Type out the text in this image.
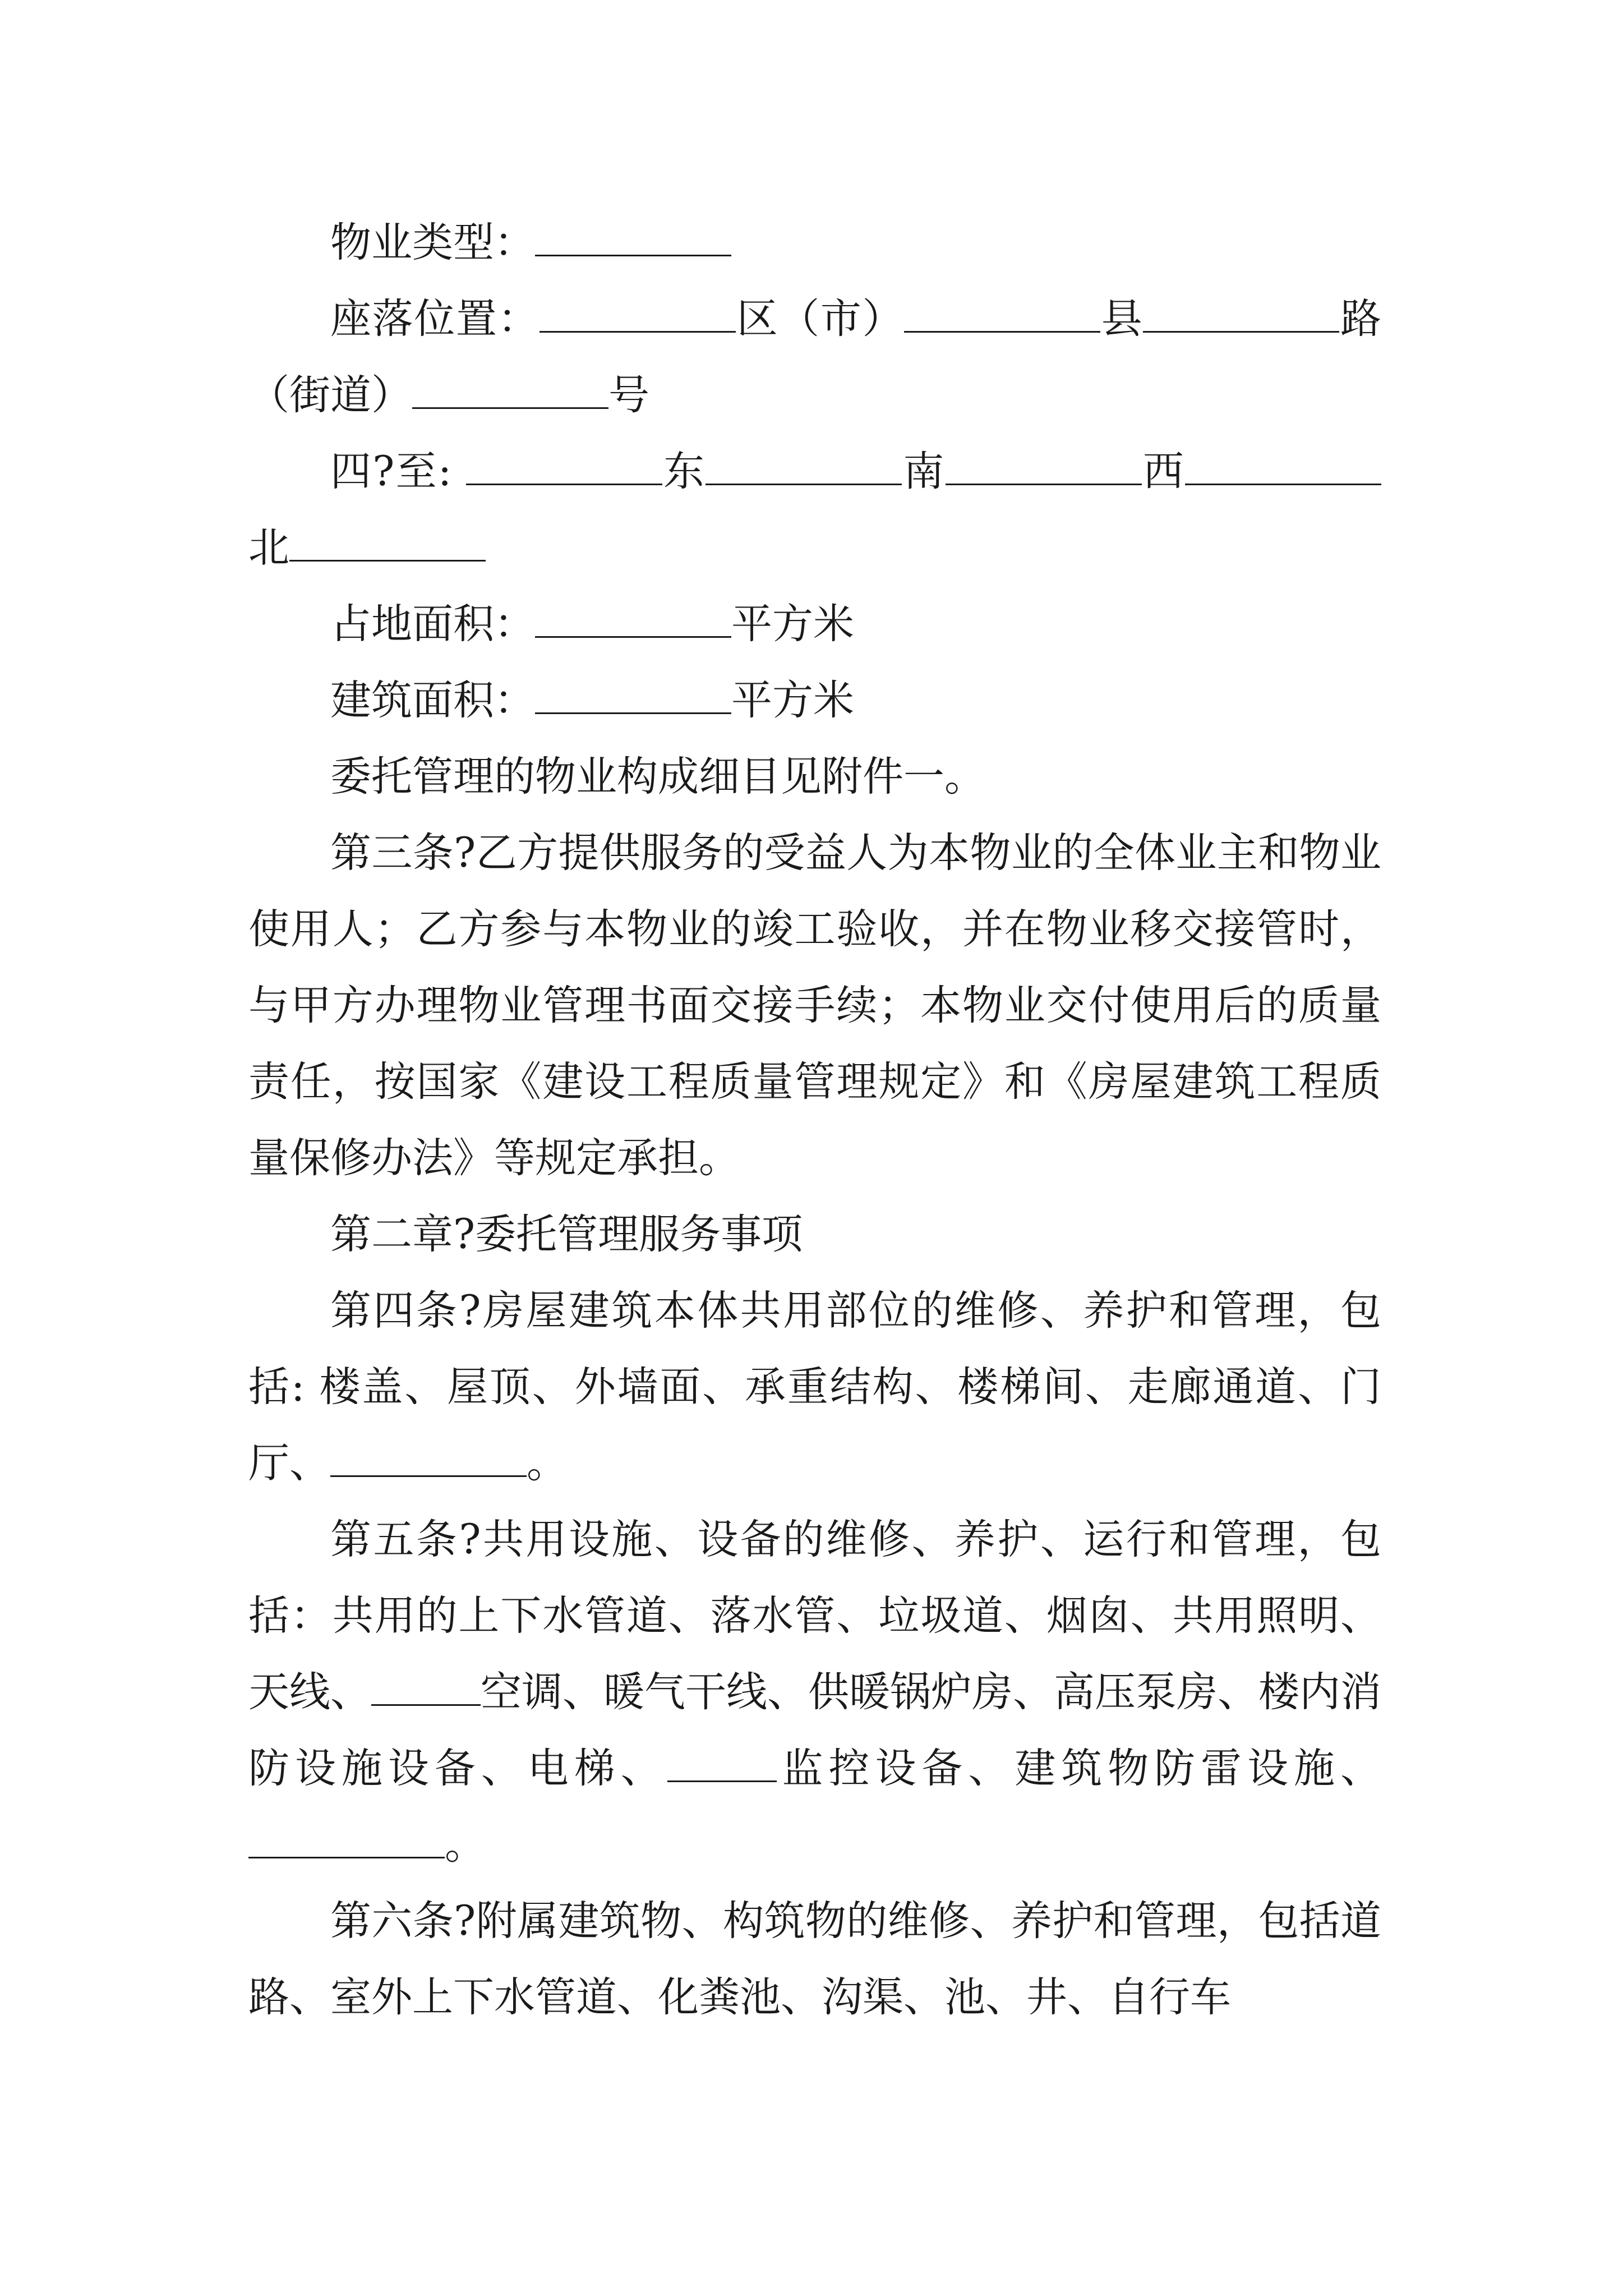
物业类型：

座落位置：	区（市）	县	路（街道）	号

四?至:	东	南	西 北

占地面积：	平方米

建筑面积：	平方米

委托管理的物业构成细目见附件一。

第三条?乙方提供服务的受益人为本物业的全体业主和物业使用人；乙方参与本物业的竣工验收，并在物业移交接管时，与甲方办理物业管理书面交接手续；本物业交付使用后的质量责任，按国家《建设工程质量管理规定》和《房屋建筑工程质量保修办法》等规定承担。

第二章?委托管理服务事项

第四条?房屋建筑本体共用部位的维修、养护和管理，包括: 楼盖、屋顶、外墙面、承重结构、楼梯间、走廊通道、门厅、	。

第五条?共用设施、设备的维修、养护、运行和管理，包括：共用的上下水管道、落水管、垃圾道、烟囱、共用照明、天线、	空调、暖气干线、供暖锅炉房、高压泵房、楼内消防设施设备、电梯、	监控设备、建筑物防雷设施、。

第六条?附属建筑物、构筑物的维修、养护和管理，包括道路、室外上下水管道、化粪池、沟渠、池、井、自行车
